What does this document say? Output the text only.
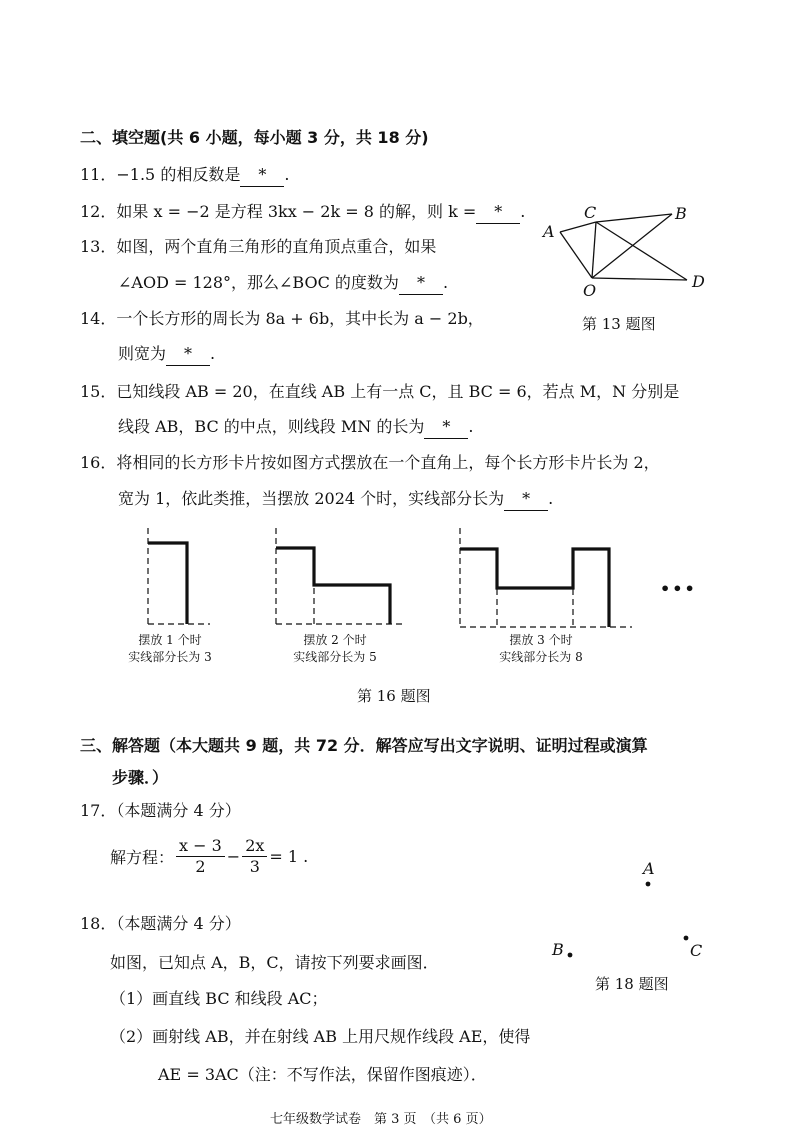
二、填空题(共 6 小题，每小题 3 分，共 18 分)
11．−1.5 的相反数是 * .
12．如果 x = −2 是方程 3kx − 2k = 8 的解，则 k = * .
13．如图，两个直角三角形的直角顶点重合，如果
∠AOD = 128°，那么∠BOC 的度数为 * .
A
C	B
D
O
第 13 题图
14．一个长方形的周长为 8a + 6b，其中长为 a − 2b，
则宽为 * .
15．已知线段 AB = 20，在直线 AB 上有一点 C，且 BC = 6，若点 M，N 分别是
线段 AB，BC 的中点，则线段 MN 的长为 * .
16．将相同的长方形卡片按如图方式摆放在一个直角上，每个长方形卡片长为 2，
宽为 1，依此类推，当摆放 2024 个时，实线部分长为 * .
•••
摆放 1 个时
实线部分长为 3
摆放 2 个时
实线部分长为 5
摆放 3 个时
实线部分长为 8
第 16 题图
三、解答题（本大题共 9 题，共 72 分．解答应写出文字说明、证明过程或演算
步骤．）
17．（本题满分 4 分）
解方程： $\frac{x - 3}{2} - \frac{2x}{3} = 1$ .
18．（本题满分 4 分）
如图，已知点 A，B，C，请按下列要求画图．
（1）画直线 BC 和线段 AC；
（2）画射线 AB，并在射线 AB 上用尺规作线段 AE，使得
AE = 3AC（注：不写作法，保留作图痕迹）．
A
B	C
第 18 题图
七年级数学试卷　第 3 页　（共 6 页）
